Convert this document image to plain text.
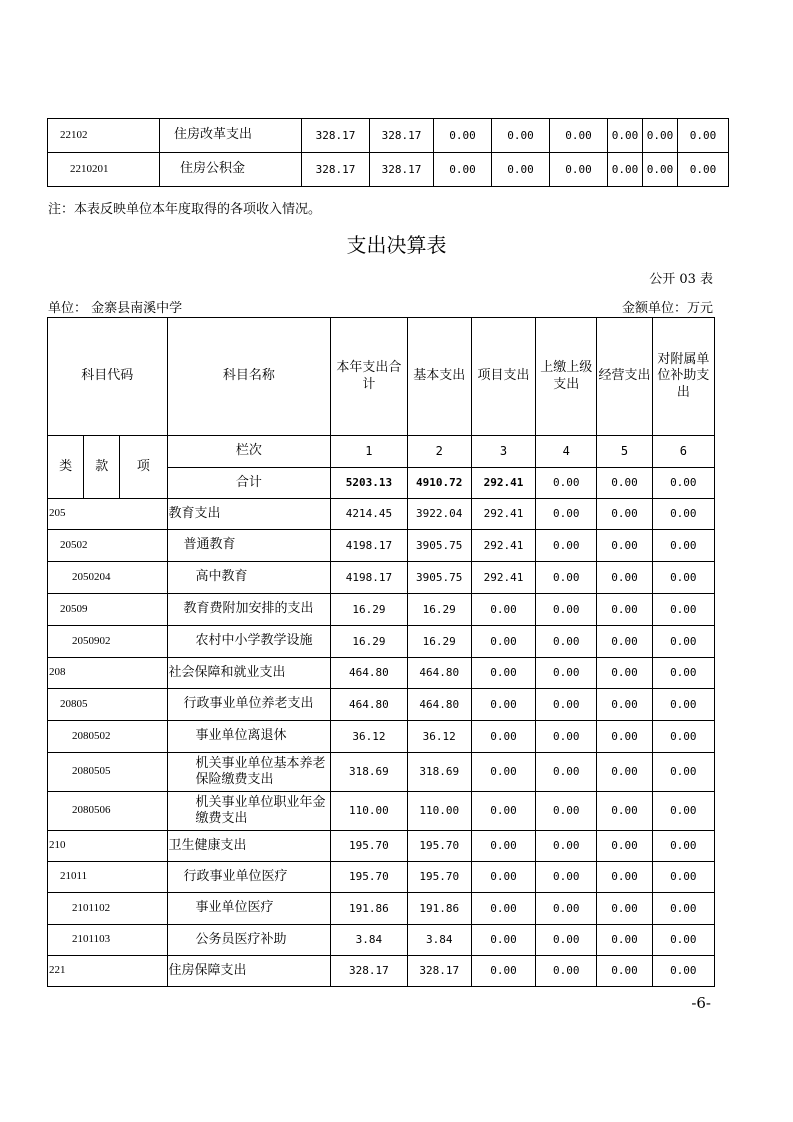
22102	住房改革支出	328.17	328.17	0.00	0.00	0.00	0.00	0.00	0.00
2210201	住房公积金	328.17	328.17	0.00	0.00	0.00	0.00	0.00	0.00
注：本表反映单位本年度取得的各项收入情况。
支出决算表
公开 03 表
单位： 金寨县南溪中学	金额单位：万元
科目代码			科目名称	本年支出合计	基本支出	项目支出	上缴上级支出	经营支出	对附属单位补助支出
类	款	项	栏次	1	2	3	4	5	6
			合计	5203.13	4910.72	292.41	0.00	0.00	0.00
205			教育支出	4214.45	3922.04	292.41	0.00	0.00	0.00
20502			普通教育	4198.17	3905.75	292.41	0.00	0.00	0.00
2050204			高中教育	4198.17	3905.75	292.41	0.00	0.00	0.00
20509			教育费附加安排的支出	16.29	16.29	0.00	0.00	0.00	0.00
2050902			农村中小学教学设施	16.29	16.29	0.00	0.00	0.00	0.00
208			社会保障和就业支出	464.80	464.80	0.00	0.00	0.00	0.00
20805			行政事业单位养老支出	464.80	464.80	0.00	0.00	0.00	0.00
2080502			事业单位离退休	36.12	36.12	0.00	0.00	0.00	0.00
2080505			机关事业单位基本养老保险缴费支出	318.69	318.69	0.00	0.00	0.00	0.00
2080506			机关事业单位职业年金缴费支出	110.00	110.00	0.00	0.00	0.00	0.00
210			卫生健康支出	195.70	195.70	0.00	0.00	0.00	0.00
21011			行政事业单位医疗	195.70	195.70	0.00	0.00	0.00	0.00
2101102			事业单位医疗	191.86	191.86	0.00	0.00	0.00	0.00
2101103			公务员医疗补助	3.84	3.84	0.00	0.00	0.00	0.00
221			住房保障支出	328.17	328.17	0.00	0.00	0.00	0.00
-6-
